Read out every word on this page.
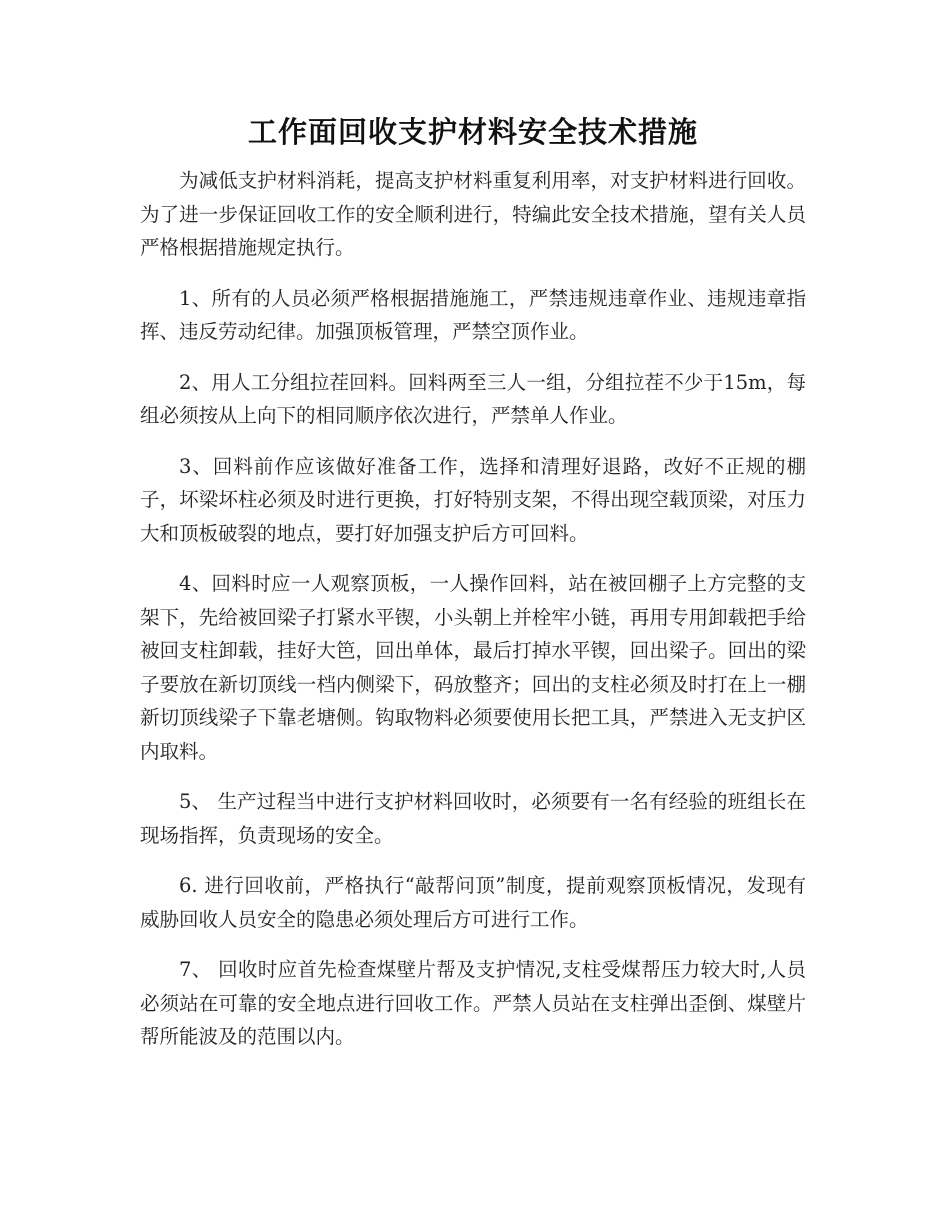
工作面回收支护材料安全技术措施

为减低支护材料消耗，提高支护材料重复利用率，对支护材料进行回收。为了进一步保证回收工作的安全顺利进行，特编此安全技术措施，望有关人员严格根据措施规定执行。

1、所有的人员必须严格根据措施施工，严禁违规违章作业、违规违章指挥、违反劳动纪律。加强顶板管理，严禁空顶作业。

2、用人工分组拉茬回料。回料两至三人一组，分组拉茬不少于15m，每组必须按从上向下的相同顺序依次进行，严禁单人作业。

3、回料前作应该做好准备工作，选择和清理好退路，改好不正规的棚子，坏梁坏柱必须及时进行更换，打好特别支架，不得出现空载顶梁，对压力大和顶板破裂的地点，要打好加强支护后方可回料。

4、回料时应一人观察顶板，一人操作回料，站在被回棚子上方完整的支架下，先给被回梁子打紧水平锲，小头朝上并栓牢小链，再用专用卸载把手给被回支柱卸载，挂好大笆，回出单体，最后打掉水平锲，回出梁子。回出的梁子要放在新切顶线一档内侧梁下，码放整齐；回出的支柱必须及时打在上一棚新切顶线梁子下靠老塘侧。钩取物料必须要使用长把工具，严禁进入无支护区内取料。

5、 生产过程当中进行支护材料回收时，必须要有一名有经验的班组长在现场指挥，负责现场的安全。

6. 进行回收前，严格执行“敲帮问顶”制度，提前观察顶板情况，发现有威胁回收人员安全的隐患必须处理后方可进行工作。

7、 回收时应首先检查煤壁片帮及支护情况,支柱受煤帮压力较大时,人员必须站在可靠的安全地点进行回收工作。严禁人员站在支柱弹出歪倒、煤壁片帮所能波及的范围以内。
